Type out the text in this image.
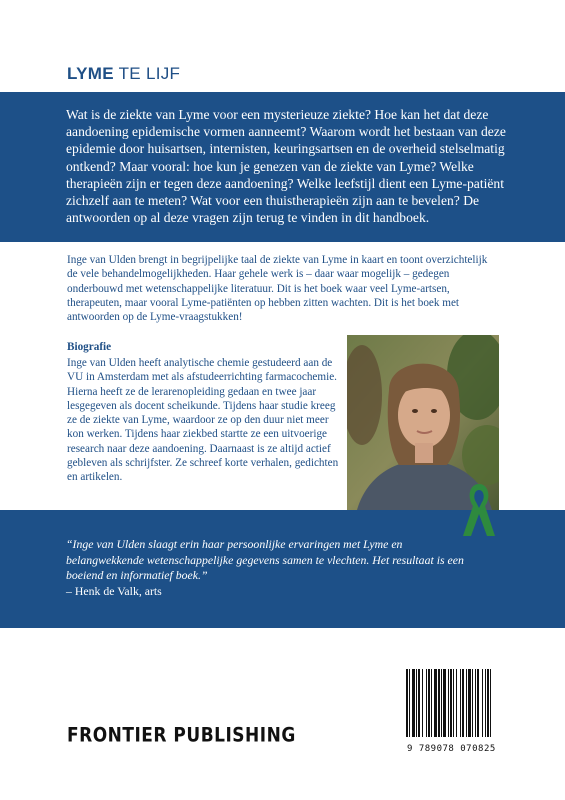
LYME TE LIJF

Wat is de ziekte van Lyme voor een mysterieuze ziekte? Hoe kan het dat deze aandoening epidemische vormen aanneemt? Waarom wordt het bestaan van deze epidemie door huisartsen, internisten, keuringsartsen en de overheid stelselmatig ontkend? Maar vooral: hoe kun je genezen van de ziekte van Lyme? Welke therapieën zijn er tegen deze aandoening? Welke leefstijl dient een Lyme-patiënt zichzelf aan te meten? Wat voor een thuistherapieën zijn aan te bevelen? De antwoorden op al deze vragen zijn terug te vinden in dit handboek.

Inge van Ulden brengt in begrijpelijke taal de ziekte van Lyme in kaart en toont overzichtelijk de vele behandelmogelijkheden. Haar gehele werk is – daar waar mogelijk – gedegen onderbouwd met wetenschappelijke literatuur. Dit is het boek waar veel Lyme-artsen, therapeuten, maar vooral Lyme-patiënten op hebben zitten wachten. Dit is het boek met antwoorden op de Lyme-vraagstukken!

Biografie

Inge van Ulden heeft analytische chemie gestudeerd aan de VU in Amsterdam met als afstudeerrichting farmacochemie. Hierna heeft ze de lerarenopleiding gedaan en twee jaar lesgegeven als docent scheikunde. Tijdens haar studie kreeg ze de ziekte van Lyme, waardoor ze op den duur niet meer kon werken. Tijdens haar ziekbed startte ze een uitvoerige research naar deze aandoening. Daarnaast is ze altijd actief gebleven als schrijfster. Ze schreef korte verhalen, gedichten en artikelen.

“Inge van Ulden slaagt erin haar persoonlijke ervaringen met Lyme en belangwekkende wetenschappelijke gegevens samen te vlechten. Het resultaat is een boeiend en informatief boek.”

– Henk de Valk, arts

FRONTIER PUBLISHING
9 789078 070825
